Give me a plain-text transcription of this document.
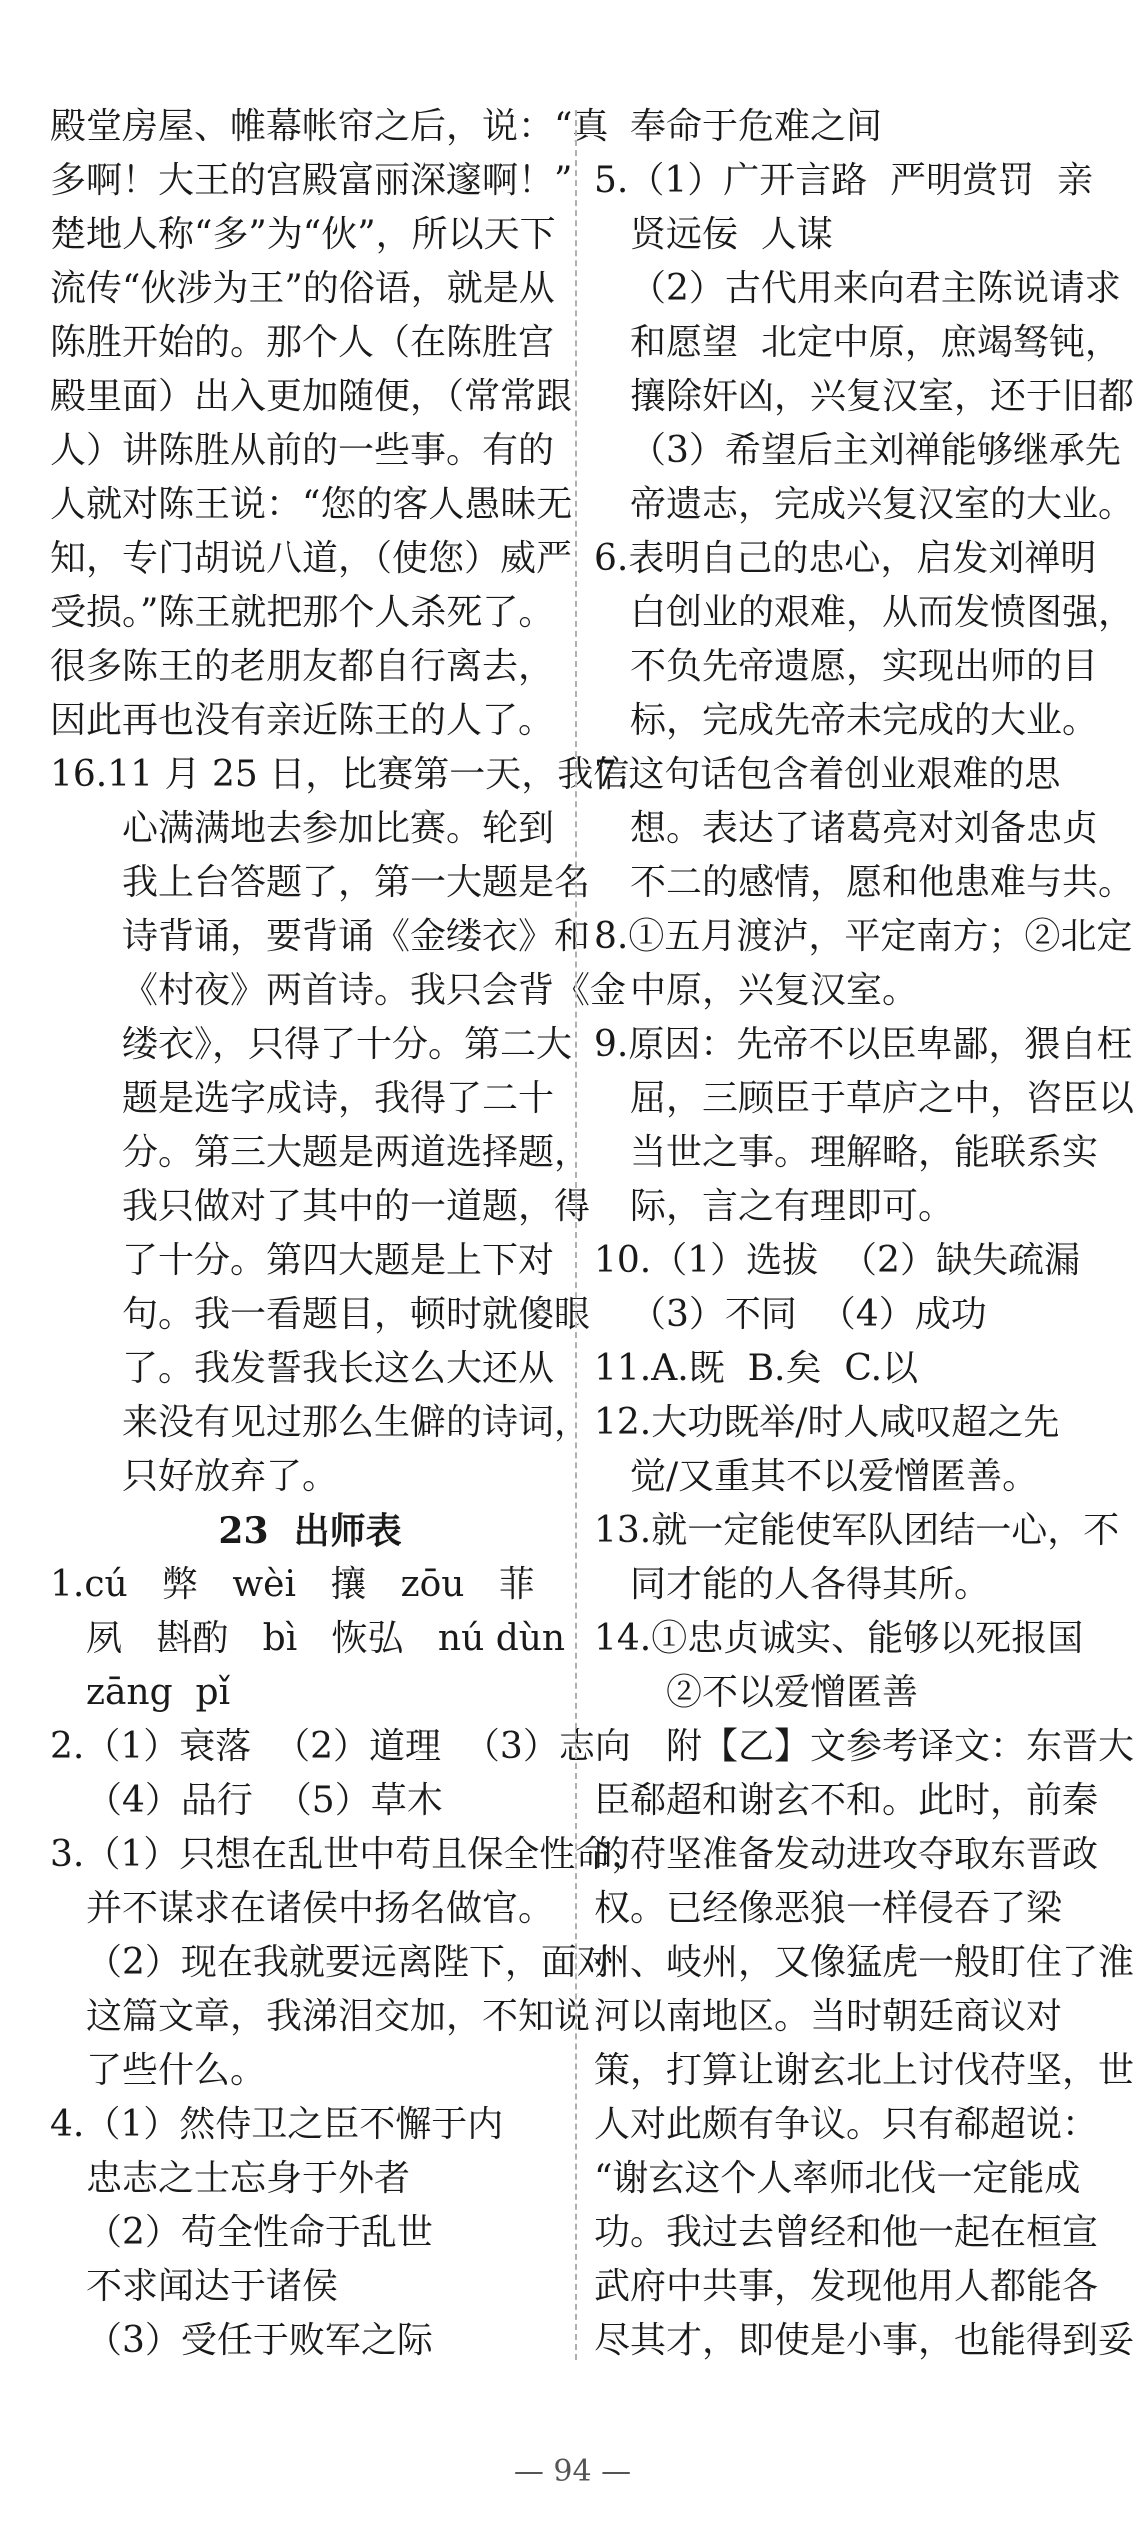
殿堂房屋、帷幕帐帘之后，说：“真
多啊！大王的宫殿富丽深邃啊！”
楚地人称“多”为“伙”，所以天下
流传“伙涉为王”的俗语，就是从
陈胜开始的。那个人（在陈胜宫
殿里面）出入更加随便，（常常跟
人）讲陈胜从前的一些事。有的
人就对陈王说：“您的客人愚昧无
知，专门胡说八道，（使您）威严
受损。”陈王就把那个人杀死了。
很多陈王的老朋友都自行离去，
因此再也没有亲近陈王的人了。
16.11 月 25 日，比赛第一天，我信
心满满地去参加比赛。轮到
我上台答题了，第一大题是名
诗背诵，要背诵《金缕衣》和
《村夜》两首诗。我只会背《金
缕衣》，只得了十分。第二大
题是选字成诗，我得了二十
分。第三大题是两道选择题，
我只做对了其中的一道题，得
了十分。第四大题是上下对
句。我一看题目，顿时就傻眼
了。我发誓我长这么大还从
来没有见过那么生僻的诗词，
只好放弃了。
23  出师表
1.cú   弊   wèi   攘   zōu   菲
夙   斟酌   bì   恢弘   nú dùn
zāng  pǐ
2.（1）衰落  （2）道理  （3）志向
（4）品行  （5）草木
3.（1）只想在乱世中苟且保全性命，
并不谋求在诸侯中扬名做官。
（2）现在我就要远离陛下，面对
这篇文章，我涕泪交加，不知说
了些什么。
4.（1）然侍卫之臣不懈于内
忠志之士忘身于外者
（2）苟全性命于乱世
不求闻达于诸侯
（3）受任于败军之际
奉命于危难之间
5.（1）广开言路  严明赏罚  亲
贤远佞  人谋
（2）古代用来向君主陈说请求
和愿望  北定中原，庶竭驽钝，
攘除奸凶，兴复汉室，还于旧都
（3）希望后主刘禅能够继承先
帝遗志，完成兴复汉室的大业。
6.表明自己的忠心，启发刘禅明
白创业的艰难，从而发愤图强，
不负先帝遗愿，实现出师的目
标，完成先帝未完成的大业。
7.这句话包含着创业艰难的思
想。表达了诸葛亮对刘备忠贞
不二的感情，愿和他患难与共。
8.①五月渡泸，平定南方；②北定
中原，兴复汉室。
9.原因：先帝不以臣卑鄙，猥自枉
屈，三顾臣于草庐之中，咨臣以
当世之事。理解略，能联系实
际，言之有理即可。
10.（1）选拔  （2）缺失疏漏
（3）不同  （4）成功
11.A.既  B.矣  C.以
12.大功既举/时人咸叹超之先
觉/又重其不以爱憎匿善。
13.就一定能使军队团结一心，不
同才能的人各得其所。
14.①忠贞诚实、能够以死报国
②不以爱憎匿善
附【乙】文参考译文：东晋大
臣郗超和谢玄不和。此时，前秦
的苻坚准备发动进攻夺取东晋政
权。已经像恶狼一样侵吞了梁
州、岐州，又像猛虎一般盯住了淮
河以南地区。当时朝廷商议对
策，打算让谢玄北上讨伐苻坚，世
人对此颇有争议。只有郗超说：
“谢玄这个人率师北伐一定能成
功。我过去曾经和他一起在桓宣
武府中共事，发现他用人都能各
尽其才，即使是小事，也能得到妥
— 94 —
